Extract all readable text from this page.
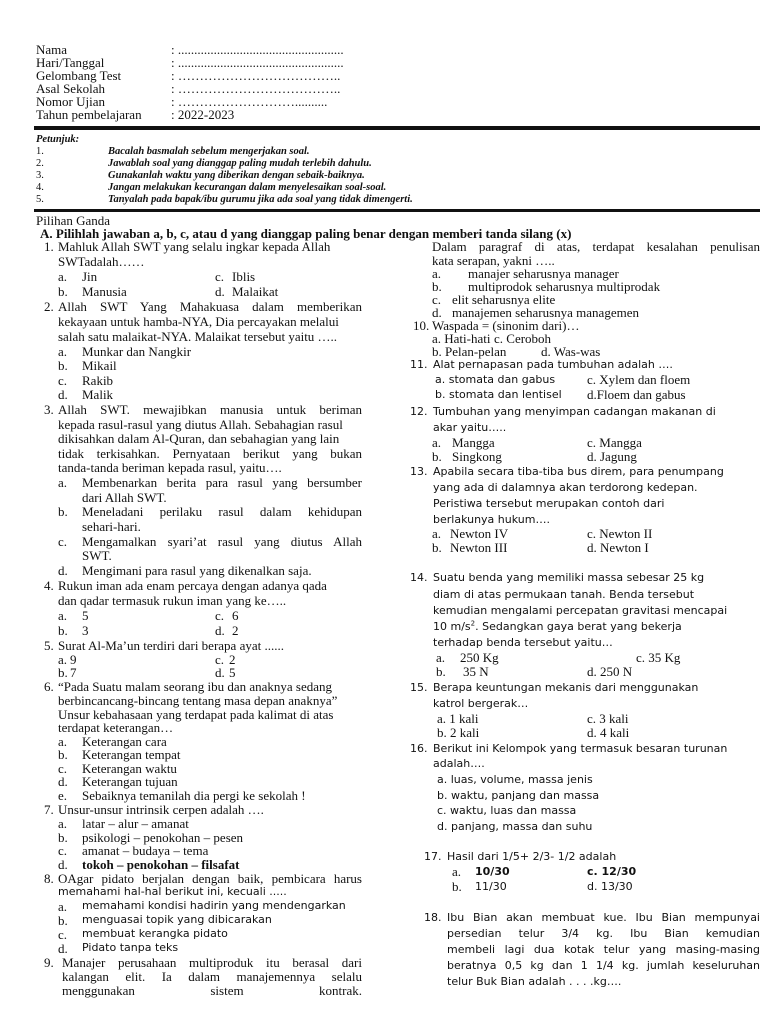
Nama	: ...................................................
Hari/Tanggal	: ...................................................
Gelombang Test	: ………………………………..
Asal Sekolah	: ………………………………..
Nomor Ujian	: ………………………..........
Tahun pembelajaran : 2022-2023
Petunjuk:
1.	Bacalah basmalah sebelum mengerjakan soal.
2.	Jawablah soal yang dianggap paling mudah terlebih dahulu.
3.	Gunakanlah waktu yang diberikan dengan sebaik-baiknya.
4.	Jangan melakukan kecurangan dalam menyelesaikan soal-soal.
5.	Tanyalah pada bapak/ibu gurumu jika ada soal yang tidak dimengerti.
Pilihan Ganda
A. Pilihlah jawaban a, b, c, atau d yang dianggap paling benar dengan memberi tanda silang (x)
1. Mahluk Allah SWT yang selalu ingkar kepada Allah
SWTadalah……
a. Jin	c. Iblis
b. Manusia	d. Malaikat
2. Allah SWT Yang Mahakuasa dalam memberikan
kekayaan untuk hamba-NYA, Dia percayakan melalui
salah satu malaikat-NYA. Malaikat tersebut yaitu …..
a. Munkar dan Nangkir
b. Mikail
c. Rakib
d. Malik
3. Allah SWT. mewajibkan manusia untuk beriman
kepada rasul-rasul yang diutus Allah. Sebahagian rasul
dikisahkan dalam Al-Quran, dan sebahagian yang lain
tidak terkisahkan. Pernyataan berikut yang bukan
tanda-tanda beriman kepada rasul, yaitu….
a. Membenarkan berita para rasul yang bersumber
dari Allah SWT.
b. Meneladani perilaku rasul dalam kehidupan
sehari-hari.
c. Mengamalkan syari’at rasul yang diutus Allah
SWT.
d. Mengimani para rasul yang dikenalkan saja.
4. Rukun iman ada enam percaya dengan adanya qada
dan qadar termasuk rukun iman yang ke…..
a. 5	c. 6
b. 3	d. 2
5. Surat Al-Ma’un terdiri dari berapa ayat ......
a. 9	c. 2
b. 7	d. 5
6. “Pada Suatu malam seorang ibu dan anaknya sedang
berbincancang-bincang tentang masa depan anaknya”
Unsur kebahasaan yang terdapat pada kalimat di atas
terdapat keterangan…
a. Keterangan cara
b. Keterangan tempat
c. Keterangan waktu
d. Keterangan tujuan
e. Sebaiknya temanilah dia pergi ke sekolah !
7. Unsur-unsur intrinsik cerpen adalah ….
a. latar – alur – amanat
b. psikologi – penokohan – pesen
c. amanat – budaya – tema
d. tokoh – penokohan – filsafat
8. OAgar pidato berjalan dengan baik, pembicara harus
memahami hal-hal berikut ini, kecuali .....
a. memahami kondisi hadirin yang mendengarkan
b. menguasai topik yang dibicarakan
c. membuat kerangka pidato
d. Pidato tanpa teks
9. Manajer perusahaan multiproduk itu berasal dari
kalangan elit. Ia dalam manajemennya selalu
menggunakan sistem kontrak.
Dalam paragraf di atas, terdapat kesalahan penulisan
kata serapan, yakni …..
a. manajer seharusnya manager
b. multiprodok seharusnya multiprodak
c. elit seharusnya elite
d. manajemen seharusnya managemen
10. Waspada = (sinonim dari)…
a. Hati-hati c. Ceroboh
b. Pelan-pelan	d. Was-was
11. Alat pernapasan pada tumbuhan adalah ….
a. stomata dan gabus c. Xylem dan floem
b. stomata dan lentisel d.Floem dan gabus
12. Tumbuhan yang menyimpan cadangan makanan di
akar yaitu…..
a. Mangga	c. Mangga
b. Singkong	d. Jagung
13. Apabila secara tiba-tiba bus direm, para penumpang
yang ada di dalamnya akan terdorong kedepan.
Peristiwa tersebut merupakan contoh dari
berlakunya hukum….
a. Newton IV	c. Newton II
b. Newton III	d. Newton I
14. Suatu benda yang memiliki massa sebesar 25 kg
diam di atas permukaan tanah. Benda tersebut
kemudian mengalami percepatan gravitasi mencapai
10 $m/s^2$. Sedangkan gaya berat yang bekerja
terhadap benda tersebut yaitu…
a. 250 Kg	c. 35 Kg
b. 35 N	d. 250 N
15. Berapa keuntungan mekanis dari menggunakan
katrol bergerak…
a. 1 kali	c. 3 kali
b. 2 kali	d. 4 kali
16. Berikut ini Kelompok yang termasuk besaran turunan
adalah….
a. luas, volume, massa jenis
b. waktu, panjang dan massa
c. waktu, luas dan massa
d. panjang, massa dan suhu
17. Hasil dari 1/5+ 2/3- 1/2 adalah
a. 10/30	c. 12/30
b. 11/30	d. 13/30
18. Ibu Bian akan membuat kue. Ibu Bian mempunyai
persedian telur 3/4 kg. Ibu Bian kemudian
membeli lagi dua kotak telur yang masing-masing
beratnya 0,5 kg dan 1 1/4 kg. jumlah keseluruhan
telur Buk Bian adalah . . . .kg….
